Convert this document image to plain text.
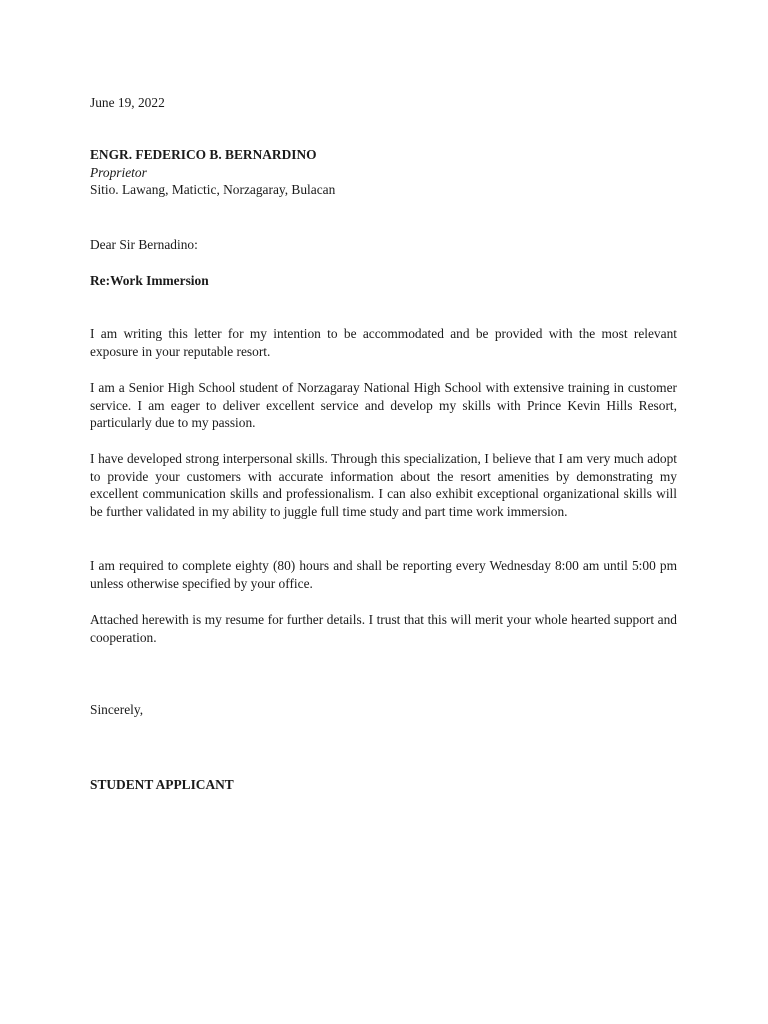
June 19, 2022

ENGR. FEDERICO B. BERNARDINO
Proprietor
Sitio. Lawang, Matictic, Norzagaray, Bulacan

Dear Sir Bernadino:

Re:Work Immersion

I am writing this letter for my intention to be accommodated and be provided with the most relevant exposure in your reputable resort.

I am a Senior High School student of Norzagaray National High School with extensive training in customer service. I am eager to deliver excellent service and develop my skills with Prince Kevin Hills Resort, particularly due to my passion.

I have developed strong interpersonal skills. Through this specialization, I believe that I am very much adopt to provide your customers with accurate information about the resort amenities by demonstrating my excellent communication skills and professionalism. I can also exhibit exceptional organizational skills will be further validated in my ability to juggle full time study and part time work immersion.

I am required to complete eighty (80) hours and shall be reporting every Wednesday 8:00 am until 5:00 pm unless otherwise specified by your office.

Attached herewith is my resume for further details. I trust that this will merit your whole hearted support and cooperation.

Sincerely,

STUDENT APPLICANT
